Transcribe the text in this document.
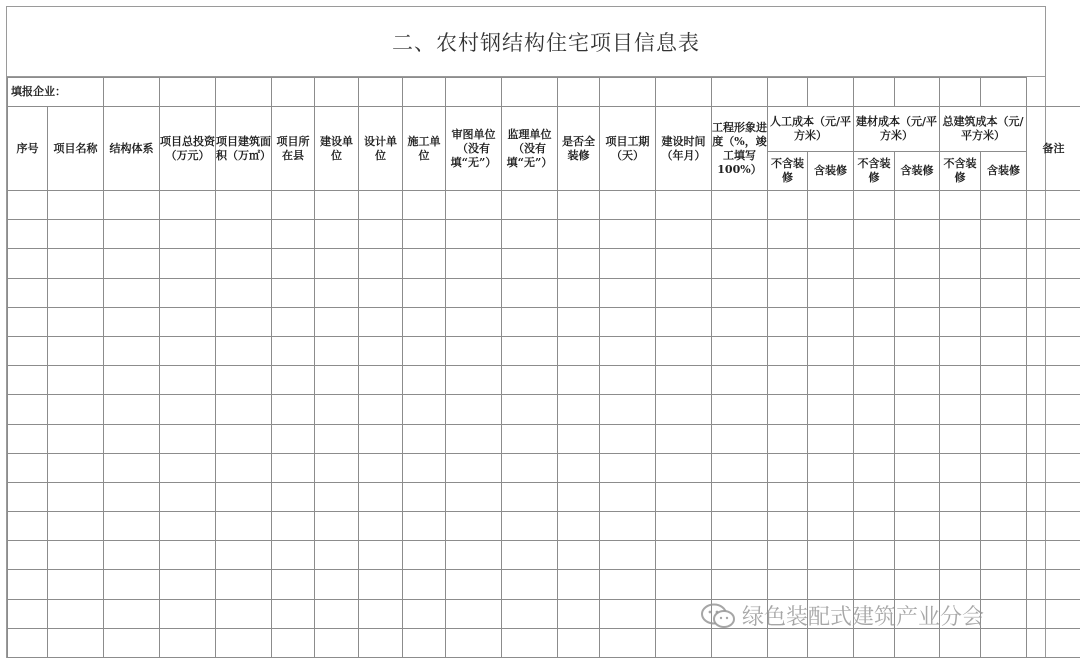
二、农村钢结构住宅项目信息表
填报企业：																					
序号	项目名称	结构体系	项目总投资（万元）	项目建筑面积（万㎡）	项目所在县	建设单位	设计单位	施工单位	审图单位（没有填“无”）	监理单位（没有填“无”）	是否全装修	项目工期（天）	建设时间（年月）	工程形象进度（%，竣工填写100%）	人工成本（元/平方米）		建材成本（元/平方米）		总建筑成本（元/平方米）		备注
															不含装修	含装修	不含装修	含装修	不含装修	含装修	

绿色装配式建筑产业分会
